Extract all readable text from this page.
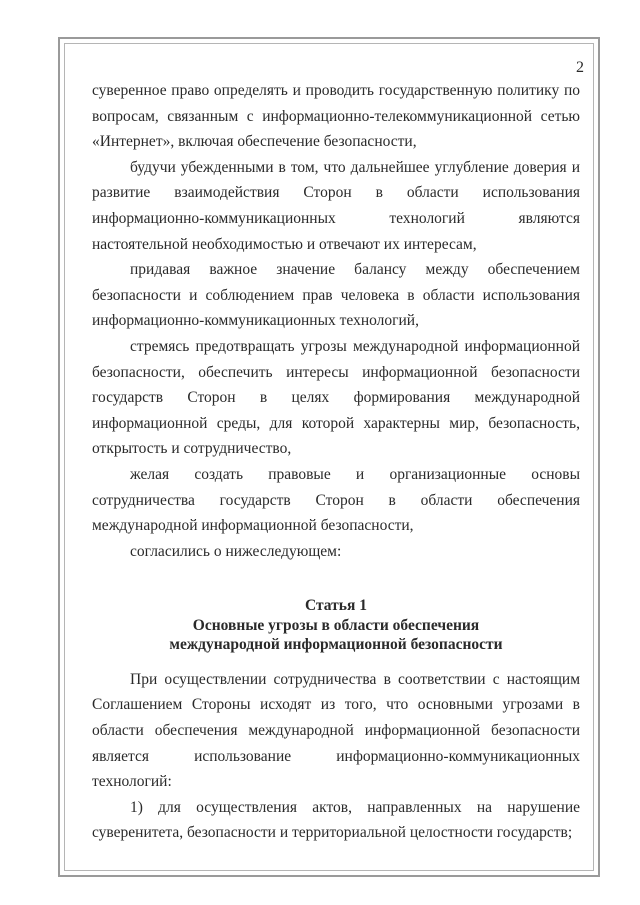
2

суверенное право определять и проводить государственную политику по вопросам, связанным с информационно-телекоммуникационной сетью «Интернет», включая обеспечение безопасности,

будучи убежденными в том, что дальнейшее углубление доверия и развитие взаимодействия Сторон в области использования информационно-коммуникационных технологий являются настоятельной необходимостью и отвечают их интересам,

придавая важное значение балансу между обеспечением безопасности и соблюдением прав человека в области использования информационно-коммуникационных технологий,

стремясь предотвращать угрозы международной информационной безопасности, обеспечить интересы информационной безопасности государств Сторон в целях формирования международной информационной среды, для которой характерны мир, безопасность, открытость и сотрудничество,

желая создать правовые и организационные основы сотрудничества государств Сторон в области обеспечения международной информационной безопасности,

согласились о нижеследующем:

Статья 1
Основные угрозы в области обеспечения
международной информационной безопасности

При осуществлении сотрудничества в соответствии с настоящим Соглашением Стороны исходят из того, что основными угрозами в области обеспечения международной информационной безопасности является использование информационно-коммуникационных технологий:

1) для осуществления актов, направленных на нарушение суверенитета, безопасности и территориальной целостности государств;
